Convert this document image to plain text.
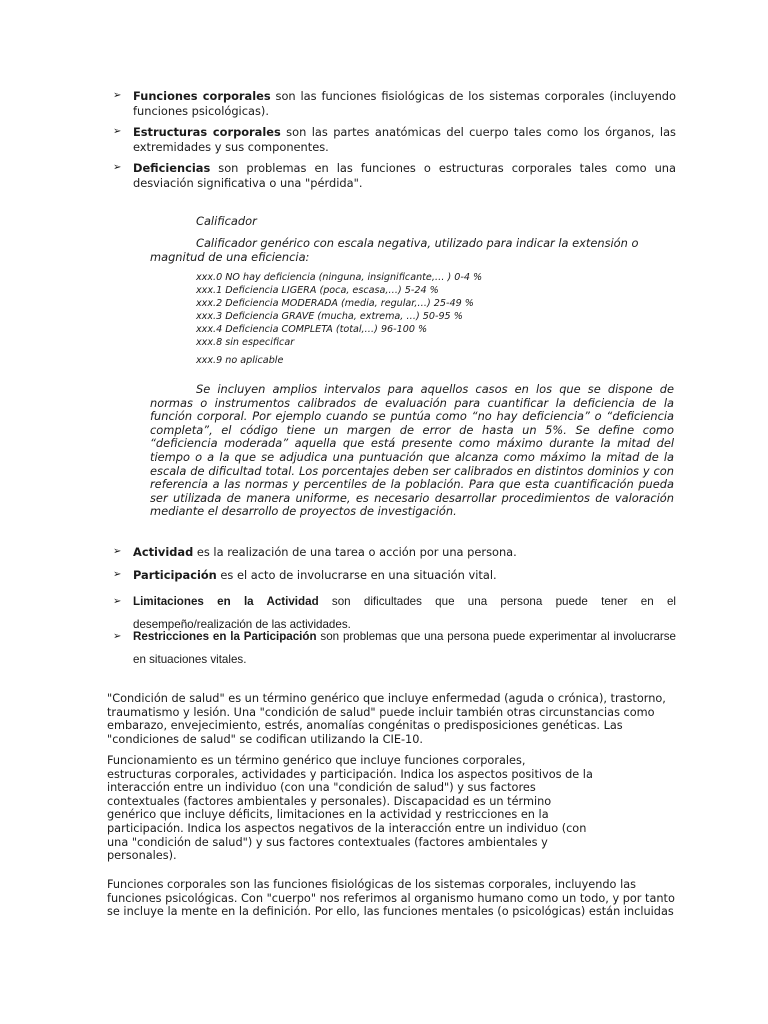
➢ Funciones corporales son las funciones fisiológicas de los sistemas corporales (incluyendo funciones psicológicas).
➢ Estructuras corporales son las partes anatómicas del cuerpo tales como los órganos, las extremidades y sus componentes.
➢ Deficiencias son problemas en las funciones o estructuras corporales tales como una desviación significativa o una "pérdida".
Calificador
Calificador genérico con escala negativa, utilizado para indicar la extensión o magnitud de una eficiencia:
xxx.0 NO hay deficiencia (ninguna, insignificante,… ) 0-4 %
xxx.1 Deficiencia LIGERA (poca, escasa,…) 5-24 %
xxx.2 Deficiencia MODERADA (media, regular,…) 25-49 %
xxx.3 Deficiencia GRAVE (mucha, extrema, …) 50-95 %
xxx.4 Deficiencia COMPLETA (total,…) 96-100 %
xxx.8 sin especificar
xxx.9 no aplicable
Se incluyen amplios intervalos para aquellos casos en los que se dispone de normas o instrumentos calibrados de evaluación para cuantificar la deficiencia de la función corporal. Por ejemplo cuando se puntúa como “no hay deficiencia” o “deficiencia completa”, el código tiene un margen de error de hasta un 5%. Se define como “deficiencia moderada” aquella que está presente como máximo durante la mitad del tiempo o a la que se adjudica una puntuación que alcanza como máximo la mitad de la escala de dificultad total. Los porcentajes deben ser calibrados en distintos dominios y con referencia a las normas y percentiles de la población. Para que esta cuantificación pueda ser utilizada de manera uniforme, es necesario desarrollar procedimientos de valoración mediante el desarrollo de proyectos de investigación.
➢ Actividad es la realización de una tarea o acción por una persona.
➢ Participación es el acto de involucrarse en una situación vital.
➢ Limitaciones en la Actividad son dificultades que una persona puede tener en el desempeño/realización de las actividades.
➢ Restricciones en la Participación son problemas que una persona puede experimentar al involucrarse en situaciones vitales.
"Condición de salud" es un término genérico que incluye enfermedad (aguda o crónica), trastorno,
traumatismo y lesión. Una "condición de salud" puede incluir también otras circunstancias como
embarazo, envejecimiento, estrés, anomalías congénitas o predisposiciones genéticas. Las
"condiciones de salud" se codifican utilizando la CIE-10.
Funcionamiento es un término genérico que incluye funciones corporales,
estructuras corporales, actividades y participación. Indica los aspectos positivos de la
interacción entre un individuo (con una "condición de salud") y sus factores
contextuales (factores ambientales y personales). Discapacidad es un término
genérico que incluye déficits, limitaciones en la actividad y restricciones en la
participación. Indica los aspectos negativos de la interacción entre un individuo (con
una "condición de salud") y sus factores contextuales (factores ambientales y
personales).
Funciones corporales son las funciones fisiológicas de los sistemas corporales, incluyendo las
funciones psicológicas. Con "cuerpo" nos referimos al organismo humano como un todo, y por tanto
se incluye la mente en la definición. Por ello, las funciones mentales (o psicológicas) están incluidas
